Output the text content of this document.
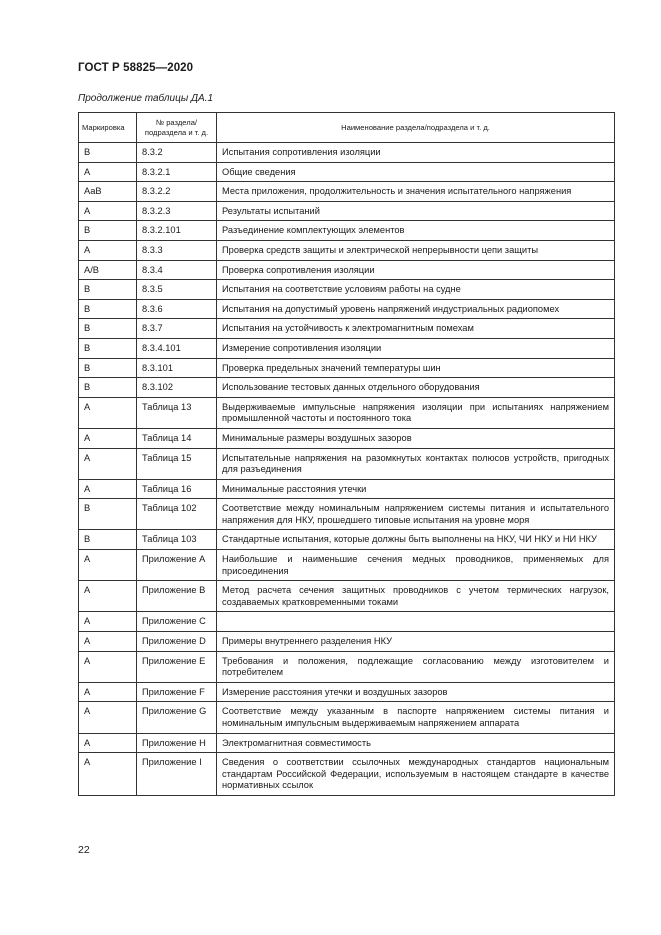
ГОСТ Р 58825—2020
Продолжение таблицы ДА.1
Маркировка	№ раздела/ подраздела и т. д.	Наименование раздела/подраздела и т. д.
B	8.3.2	Испытания сопротивления изоляции
A	8.3.2.1	Общие сведения
AaB	8.3.2.2	Места приложения, продолжительность и значения испытательного напряжения
A	8.3.2.3	Результаты испытаний
B	8.3.2.101	Разъединение комплектующих элементов
A	8.3.3	Проверка средств защиты и электрической непрерывности цепи защиты
A/B	8.3.4	Проверка сопротивления изоляции
B	8.3.5	Испытания на соответствие условиям работы на судне
B	8.3.6	Испытания на допустимый уровень напряжений индустриальных радиопомех
B	8.3.7	Испытания на устойчивость к электромагнитным помехам
B	8.3.4.101	Измерение сопротивления изоляции
B	8.3.101	Проверка предельных значений температуры шин
B	8.3.102	Использование тестовых данных отдельного оборудования
A	Таблица 13	Выдерживаемые импульсные напряжения изоляции при испытаниях напряжением промышленной частоты и постоянного тока
A	Таблица 14	Минимальные размеры воздушных зазоров
A	Таблица 15	Испытательные напряжения на разомкнутых контактах полюсов устройств, пригодных для разъединения
A	Таблица 16	Минимальные расстояния утечки
B	Таблица 102	Соответствие между номинальным напряжением системы питания и испытательного напряжения для НКУ, прошедшего типовые испытания на уровне моря
B	Таблица 103	Стандартные испытания, которые должны быть выполнены на НКУ, ЧИ НКУ и НИ НКУ
A	Приложение A	Наибольшие и наименьшие сечения медных проводников, применяемых для присоединения
A	Приложение B	Метод расчета сечения защитных проводников с учетом термических нагрузок, создаваемых кратковременными токами
A	Приложение C	
A	Приложение D	Примеры внутреннего разделения НКУ
A	Приложение E	Требования и положения, подлежащие согласованию между изготовителем и потребителем
A	Приложение F	Измерение расстояния утечки и воздушных зазоров
A	Приложение G	Соответствие между указанным в паспорте напряжением системы питания и номинальным импульсным выдерживаемым напряжением аппарата
A	Приложение H	Электромагнитная совместимость
A	Приложение I	Сведения о соответствии ссылочных международных стандартов национальным стандартам Российской Федерации, используемым в настоящем стандарте в качестве нормативных ссылок
22
